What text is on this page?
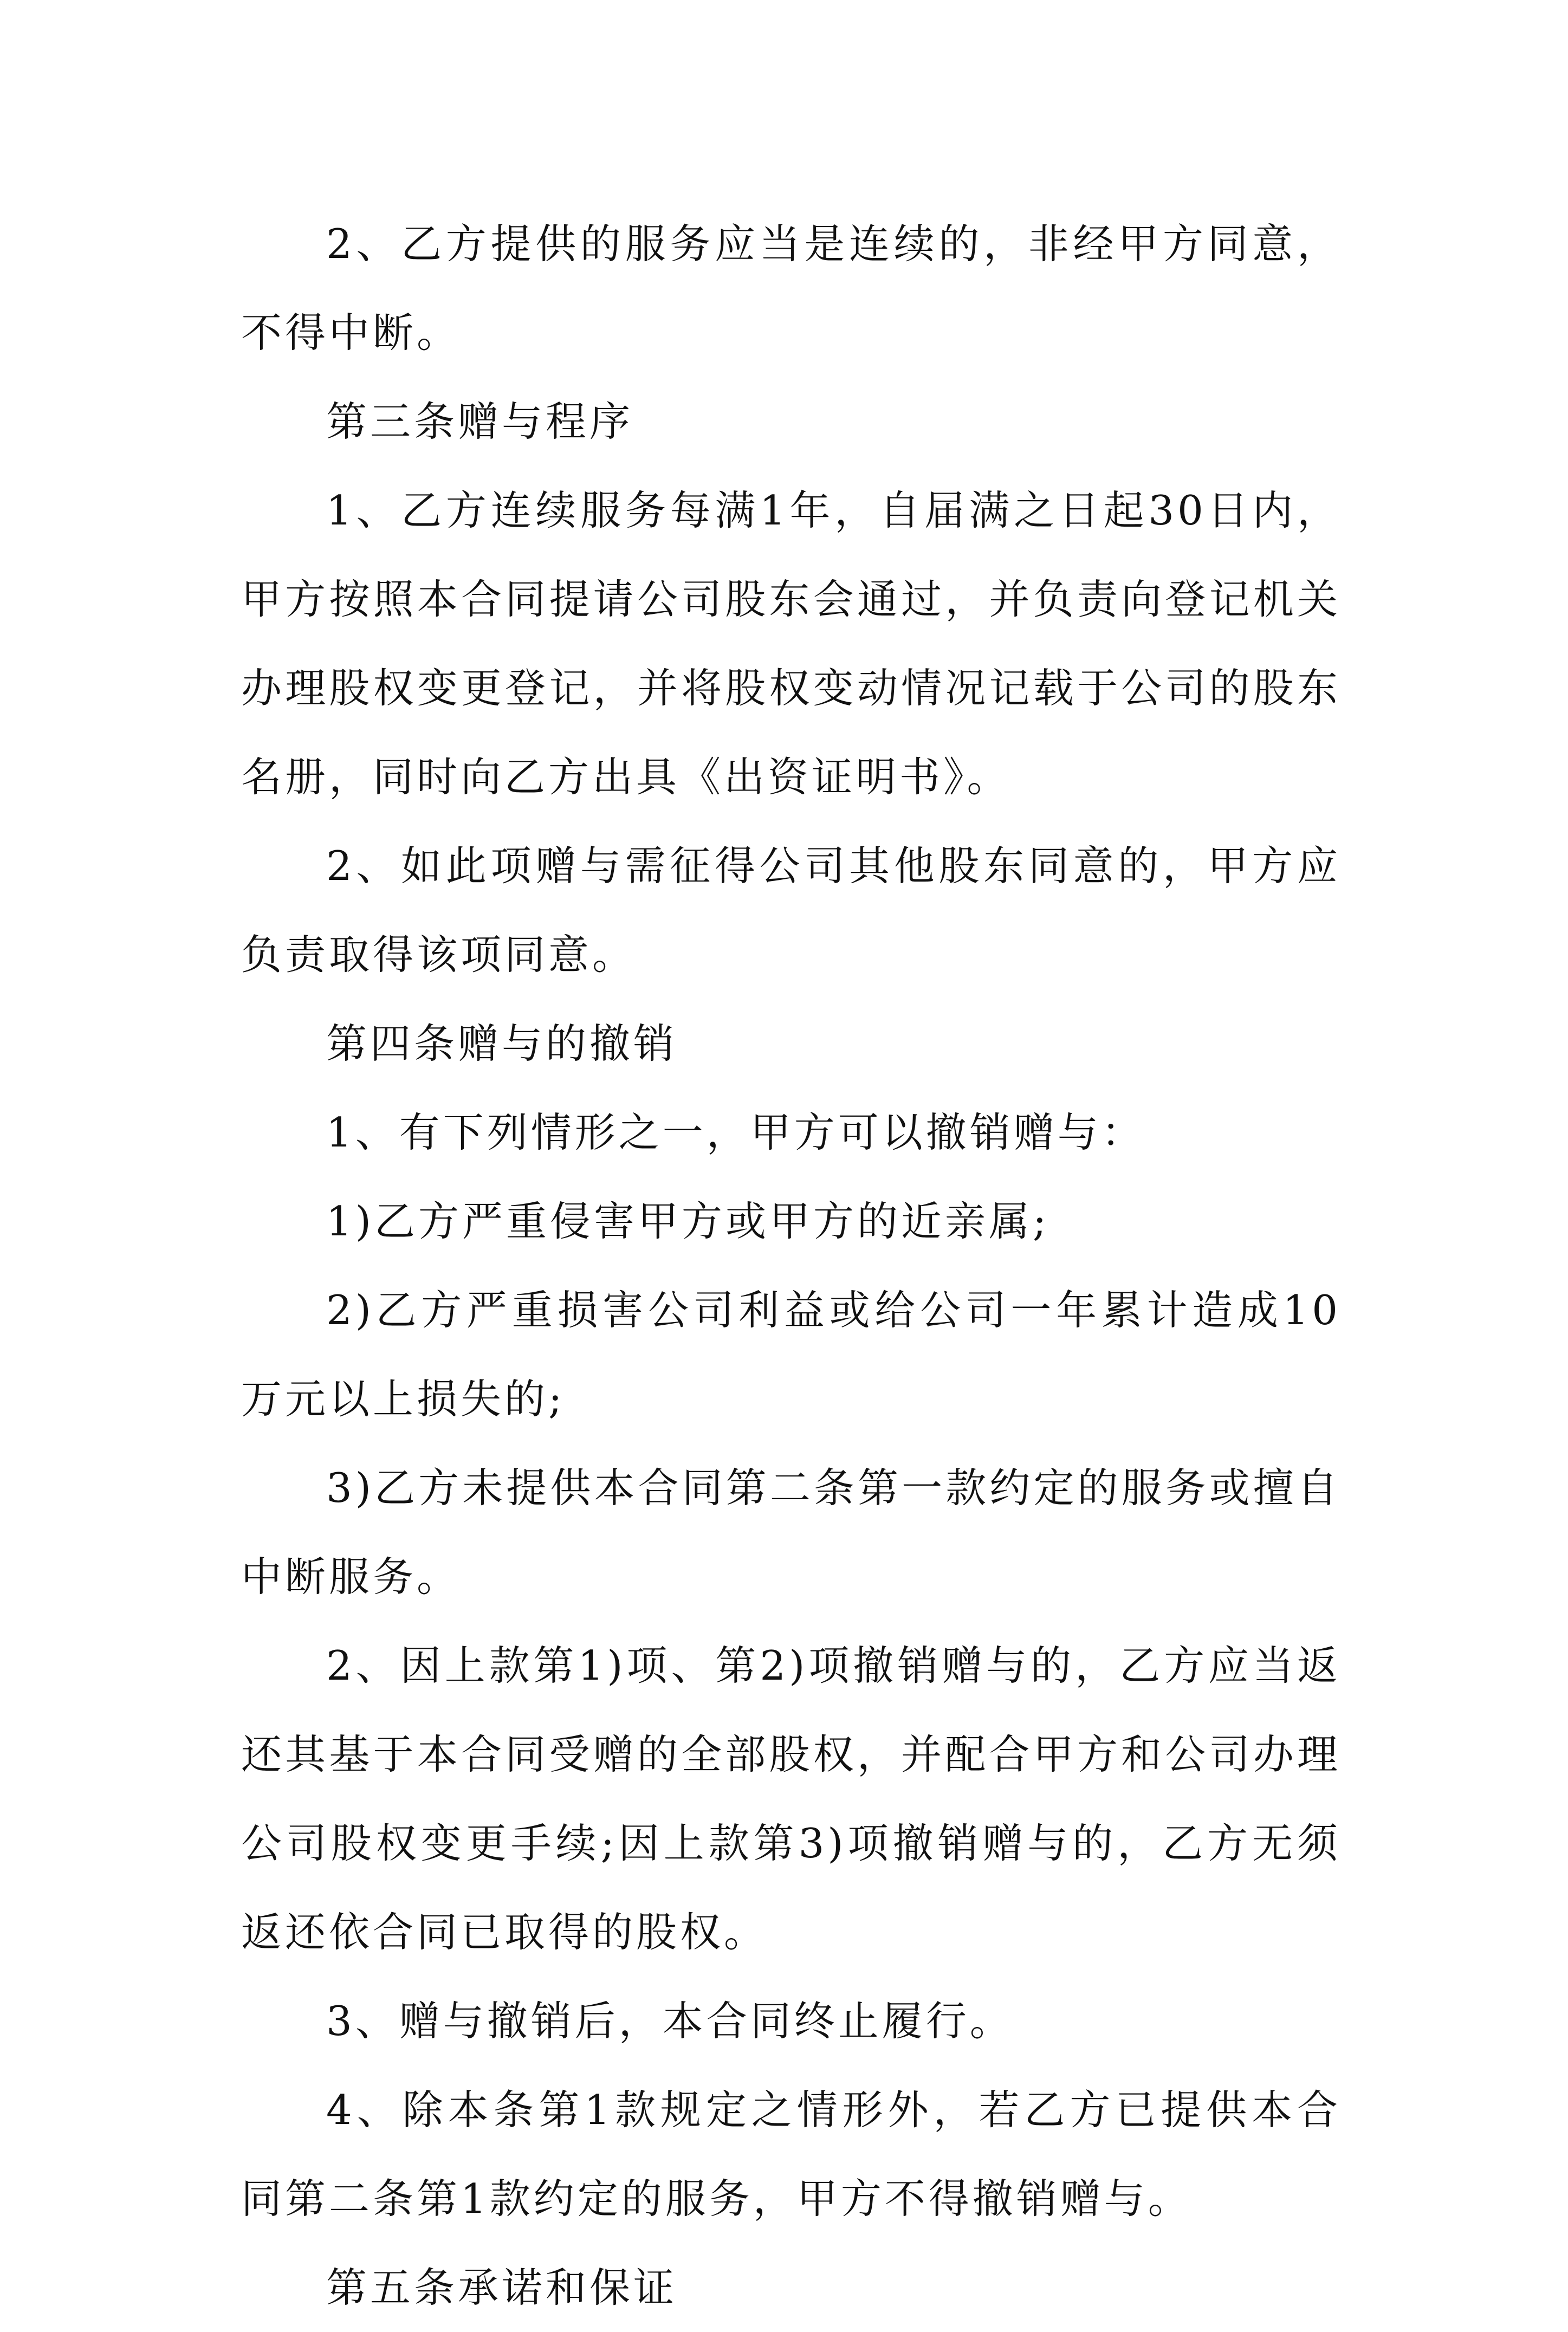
2、乙方提供的服务应当是连续的，非经甲方同意，不得中断。

第三条赠与程序

1、乙方连续服务每满1年，自届满之日起30日内，甲方按照本合同提请公司股东会通过，并负责向登记机关办理股权变更登记，并将股权变动情况记载于公司的股东名册，同时向乙方出具《出资证明书》。

2、如此项赠与需征得公司其他股东同意的，甲方应负责取得该项同意。

第四条赠与的撤销

1、有下列情形之一，甲方可以撤销赠与：

1)乙方严重侵害甲方或甲方的近亲属;

2)乙方严重损害公司利益或给公司一年累计造成10万元以上损失的;

3)乙方未提供本合同第二条第一款约定的服务或擅自中断服务。

2、因上款第1)项、第2)项撤销赠与的，乙方应当返还其基于本合同受赠的全部股权，并配合甲方和公司办理公司股权变更手续;因上款第3)项撤销赠与的，乙方无须返还依合同已取得的股权。

3、赠与撤销后，本合同终止履行。

4、除本条第1款规定之情形外，若乙方已提供本合同第二条第1款约定的服务，甲方不得撤销赠与。

第五条承诺和保证
